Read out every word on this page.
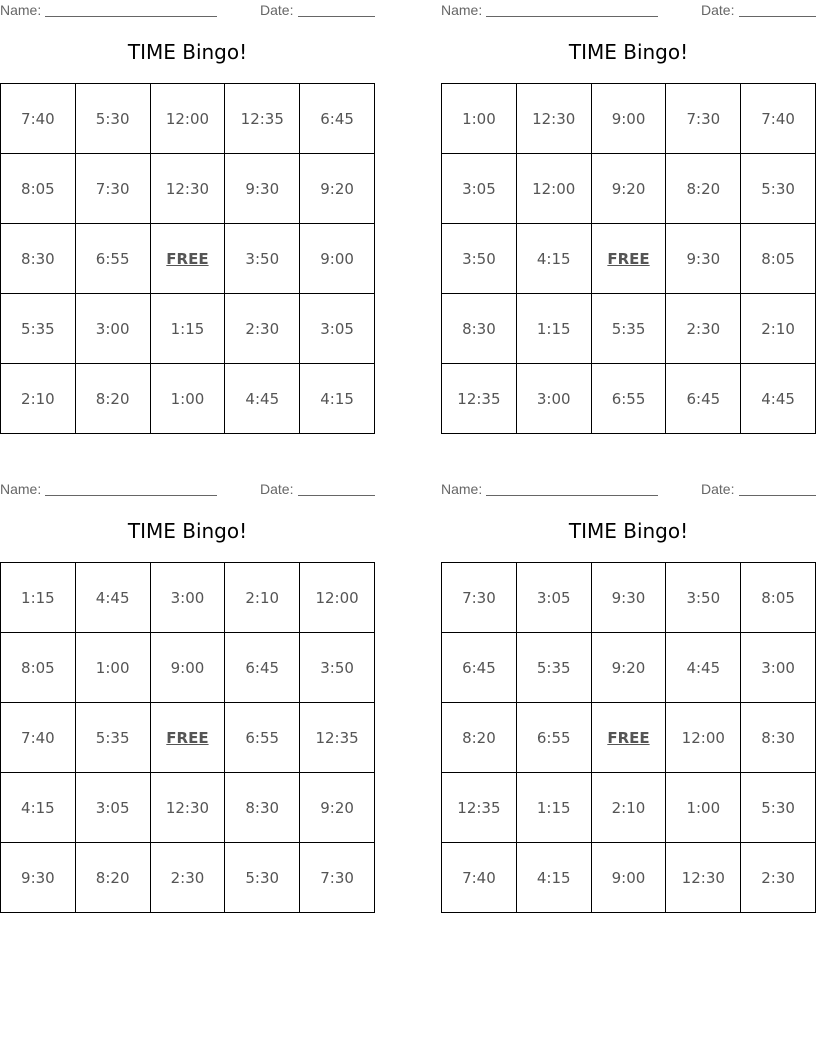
Name:	Date:
TIME Bingo!
7:40	5:30	12:00	12:35	6:45
8:05	7:30	12:30	9:30	9:20
8:30	6:55	FREE	3:50	9:00
5:35	3:00	1:15	2:30	3:05
2:10	8:20	1:00	4:45	4:15
Name:	Date:
TIME Bingo!
1:00	12:30	9:00	7:30	7:40
3:05	12:00	9:20	8:20	5:30
3:50	4:15	FREE	9:30	8:05
8:30	1:15	5:35	2:30	2:10
12:35	3:00	6:55	6:45	4:45
Name:	Date:
TIME Bingo!
1:15	4:45	3:00	2:10	12:00
8:05	1:00	9:00	6:45	3:50
7:40	5:35	FREE	6:55	12:35
4:15	3:05	12:30	8:30	9:20
9:30	8:20	2:30	5:30	7:30
Name:	Date:
TIME Bingo!
7:30	3:05	9:30	3:50	8:05
6:45	5:35	9:20	4:45	3:00
8:20	6:55	FREE	12:00	8:30
12:35	1:15	2:10	1:00	5:30
7:40	4:15	9:00	12:30	2:30
